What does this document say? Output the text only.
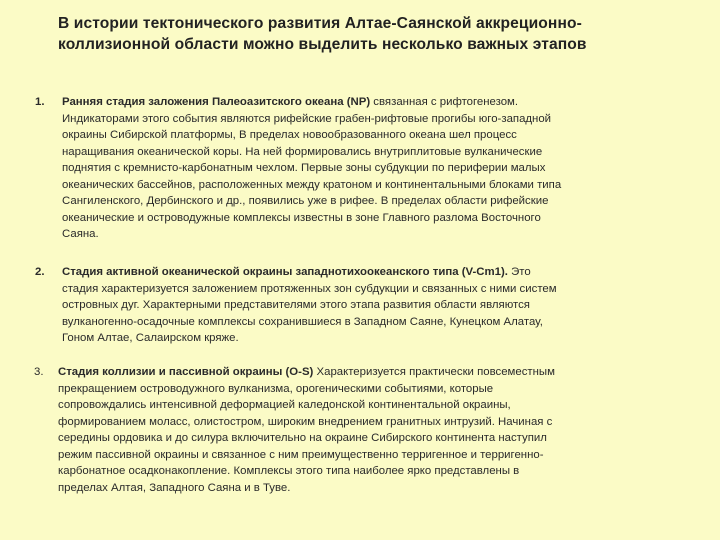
В истории тектонического развития Алтае-Саянской аккреционно-
коллизионной области можно выделить несколько важных этапов
1. Ранняя стадия заложения Палеоазитского океана (NP) связанная с рифтогенезом.
Индикаторами этого события являются рифейские грабен-рифтовые прогибы юго-западной
окраины Сибирской платформы, В пределах новообразованного океана шел процесс
наращивания океанической коры. На ней формировались внутриплитовые вулканические
поднятия с кремнисто-карбонатным чехлом. Первые зоны субдукции по периферии малых
океанических бассейнов, расположенных между кратоном и континентальными блоками типа
Сангиленского, Дербинского и др., появились уже в рифее. В пределах области рифейские
океанические и островодужные комплексы известны в зоне Главного разлома Восточного
Саяна.
2. Стадия активной океанической окраины западнотихоокеанского типа (V-Cm1). Это
стадия характеризуется заложением протяженных зон субдукции и связанных с ними систем
островных дуг. Характерными представителями этого этапа развития области являются
вулканогенно-осадочные комплексы сохранившиеся в Западном Саяне, Кунецком Алатау,
Гоном Алтае, Салаирском кряже.
3. Стадия коллизии и пассивной окраины (O-S) Характеризуется практически повсеместным
прекращением островодужного вулканизма, орогеническими событиями, которые
сопровождались интенсивной деформацией каледонской континентальной окраины,
формированием моласс, олистостром, широким внедрением гранитных интрузий. Начиная с
середины ордовика и до силура включительно на окраине Сибирского континента наступил
режим пассивной окраины и связанное с ним преимущественно терригенное и терригенно-
карбонатное осадконакопление. Комплексы этого типа наиболее ярко представлены в
пределах Алтая, Западного Саяна и в Туве.
